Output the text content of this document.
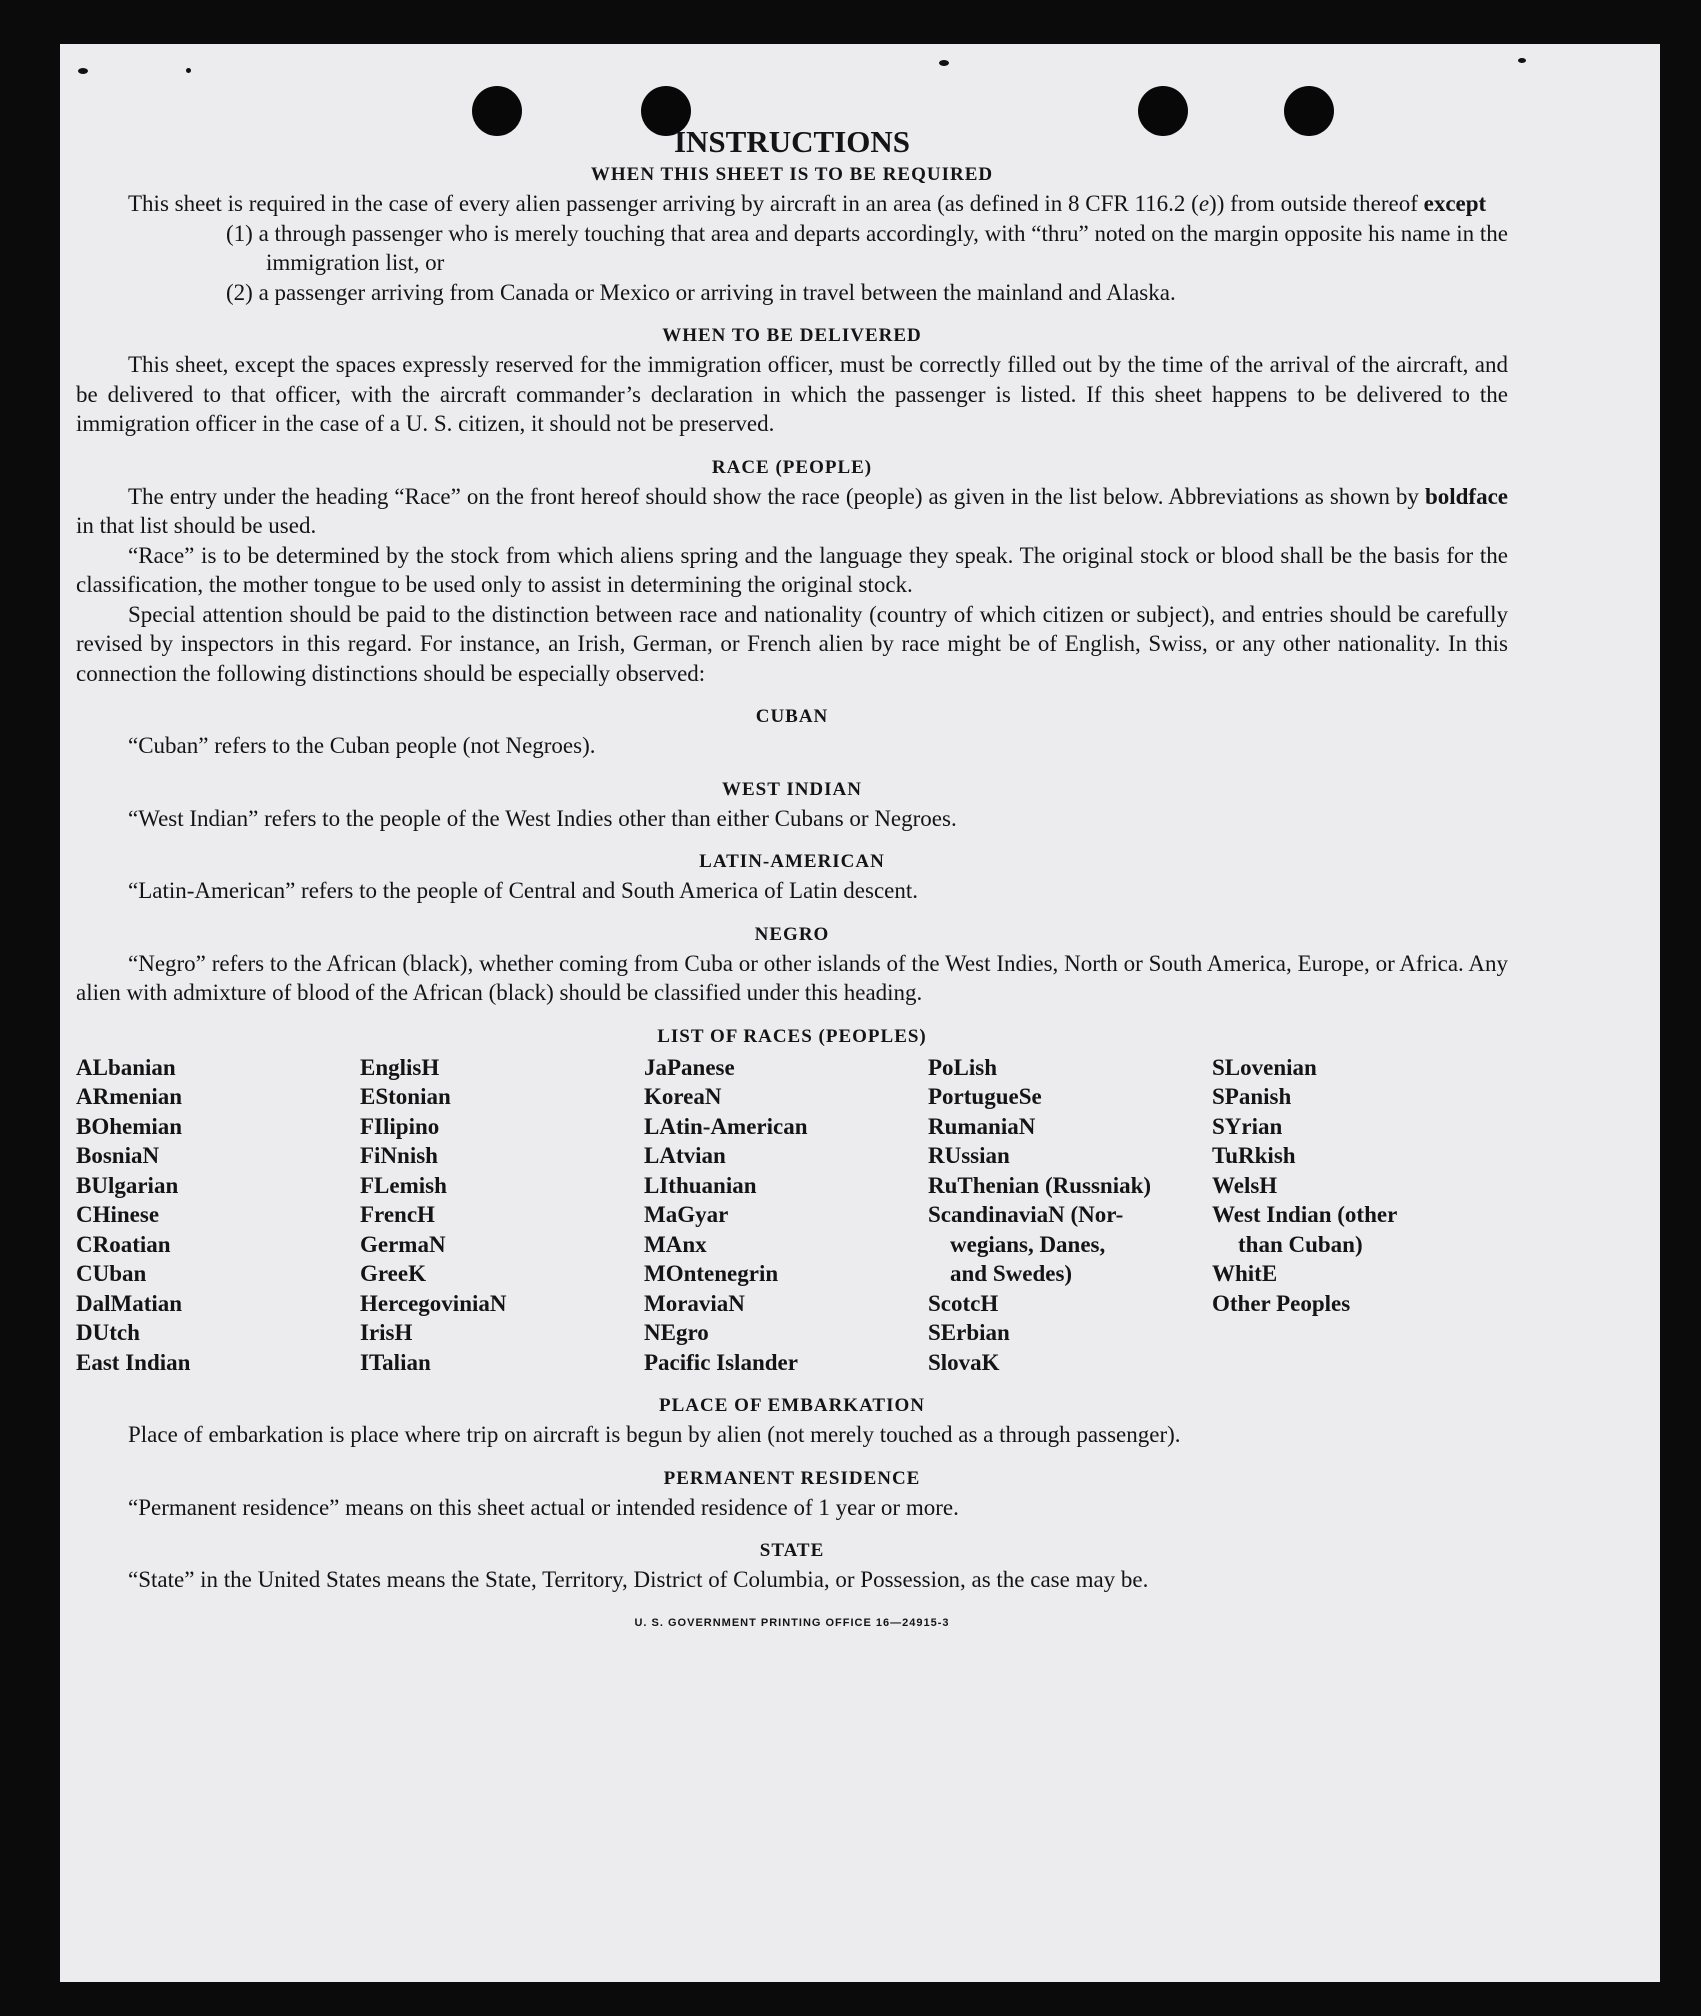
INSTRUCTIONS
WHEN THIS SHEET IS TO BE REQUIRED

This sheet is required in the case of every alien passenger arriving by aircraft in an area (as defined in 8 CFR 116.2 (e)) from outside thereof except

(1) a through passenger who is merely touching that area and departs accordingly, with “thru” noted on the margin opposite his name in the immigration list, or

(2) a passenger arriving from Canada or Mexico or arriving in travel between the mainland and Alaska.

WHEN TO BE DELIVERED

This sheet, except the spaces expressly reserved for the immigration officer, must be correctly filled out by the time of the arrival of the aircraft, and be delivered to that officer, with the aircraft commander’s declaration in which the passenger is listed. If this sheet happens to be delivered to the immigration officer in the case of a U. S. citizen, it should not be preserved.

RACE (PEOPLE)

The entry under the heading “Race” on the front hereof should show the race (people) as given in the list below. Abbreviations as shown by boldface in that list should be used.

“Race” is to be determined by the stock from which aliens spring and the language they speak. The original stock or blood shall be the basis for the classification, the mother tongue to be used only to assist in determining the original stock.

Special attention should be paid to the distinction between race and nationality (country of which citizen or subject), and entries should be carefully revised by inspectors in this regard. For instance, an Irish, German, or French alien by race might be of English, Swiss, or any other nationality. In this connection the following distinctions should be especially observed:

CUBAN

“Cuban” refers to the Cuban people (not Negroes).

WEST INDIAN

“West Indian” refers to the people of the West Indies other than either Cubans or Negroes.

LATIN-AMERICAN

“Latin-American” refers to the people of Central and South America of Latin descent.

NEGRO

“Negro” refers to the African (black), whether coming from Cuba or other islands of the West Indies, North or South America, Europe, or Africa. Any alien with admixture of blood of the African (black) should be classified under this heading.

LIST OF RACES (PEOPLES)
ALbanian
ARmenian
BOhemian
BosniaN
BUlgarian
CHinese
CRoatian
CUban
DalMatian
DUtch
East Indian
EnglisH
EStonian
FIlipino
FiNnish
FLemish
FrencH
GermaN
GreeK
HercegoviniaN
IrisH
ITalian
JaPanese
KoreaN
LAtin-American
LAtvian
LIthuanian
MaGyar
MAnx
MOntenegrin
MoraviaN
NEgro
Pacific Islander
PoLish
PortugueSe
RumaniaN
RUssian
RuThenian (Russniak)
ScandinaviaN (Nor-
wegians, Danes,
and Swedes)
ScotcH
SErbian
SlovaK
SLovenian
SPanish
SYrian
TuRkish
WelsH
West Indian (other
than Cuban)
WhitE
Other Peoples
PLACE OF EMBARKATION

Place of embarkation is place where trip on aircraft is begun by alien (not merely touched as a through passenger).

PERMANENT RESIDENCE

“Permanent residence” means on this sheet actual or intended residence of 1 year or more.

STATE

“State” in the United States means the State, Territory, District of Columbia, or Possession, as the case may be.

U. S. GOVERNMENT PRINTING OFFICE 16—24915-3
